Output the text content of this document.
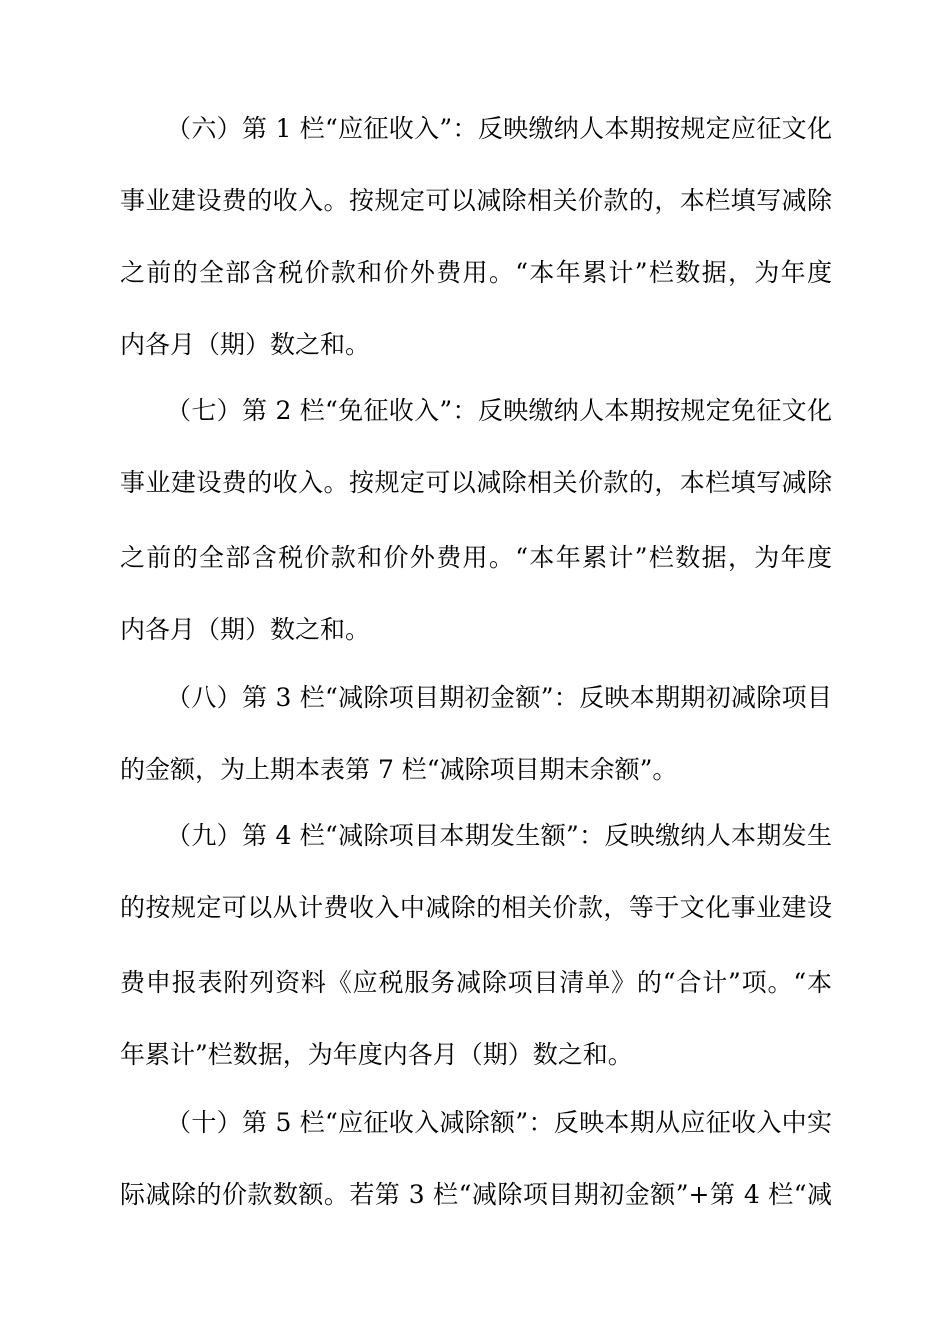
（六）第 1 栏“应征收入”：反映缴纳人本期按规定应征文化
事业建设费的收入。按规定可以减除相关价款的，本栏填写减除
之前的全部含税价款和价外费用。“本年累计”栏数据，为年度
内各月（期）数之和。
（七）第 2 栏“免征收入”：反映缴纳人本期按规定免征文化
事业建设费的收入。按规定可以减除相关价款的，本栏填写减除
之前的全部含税价款和价外费用。“本年累计”栏数据，为年度
内各月（期）数之和。
（八）第 3 栏“减除项目期初金额”：反映本期期初减除项目
的金额，为上期本表第 7 栏“减除项目期末余额”。
（九）第 4 栏“减除项目本期发生额”：反映缴纳人本期发生
的按规定可以从计费收入中减除的相关价款，等于文化事业建设
费申报表附列资料《应税服务减除项目清单》的“合计”项。“本
年累计”栏数据，为年度内各月（期）数之和。
（十）第 5 栏“应征收入减除额”：反映本期从应征收入中实
际减除的价款数额。若第 3 栏“减除项目期初金额”+第 4 栏“减
